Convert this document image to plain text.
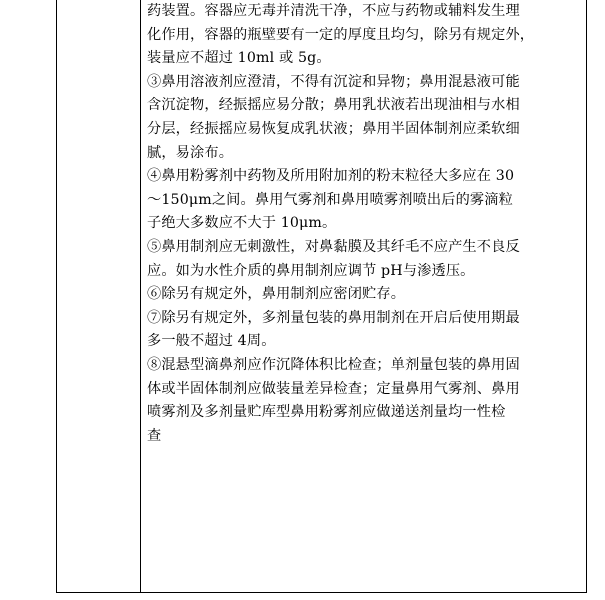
药装置。容器应无毒并清洗干净，不应与药物或辅料发生理
化作用，容器的瓶壁要有一定的厚度且均匀，除另有规定外，
装量应不超过 10ml 或 5g。
③鼻用溶液剂应澄清，不得有沉淀和异物；鼻用混悬液可能
含沉淀物，经振摇应易分散；鼻用乳状液若出现油相与水相
分层，经振摇应易恢复成乳状液；鼻用半固体制剂应柔软细
腻，易涂布。
④鼻用粉雾剂中药物及所用附加剂的粉末粒径大多应在 30
～150μm之间。鼻用气雾剂和鼻用喷雾剂喷出后的雾滴粒
子绝大多数应不大于 10μm。
⑤鼻用制剂应无刺激性，对鼻黏膜及其纤毛不应产生不良反
应。如为水性介质的鼻用制剂应调节 pH与渗透压。
⑥除另有规定外，鼻用制剂应密闭贮存。
⑦除另有规定外，多剂量包装的鼻用制剂在开启后使用期最
多一般不超过 4周。
⑧混悬型滴鼻剂应作沉降体积比检查；单剂量包装的鼻用固
体或半固体制剂应做装量差异检查；定量鼻用气雾剂、鼻用
喷雾剂及多剂量贮库型鼻用粉雾剂应做递送剂量均一性检
查
